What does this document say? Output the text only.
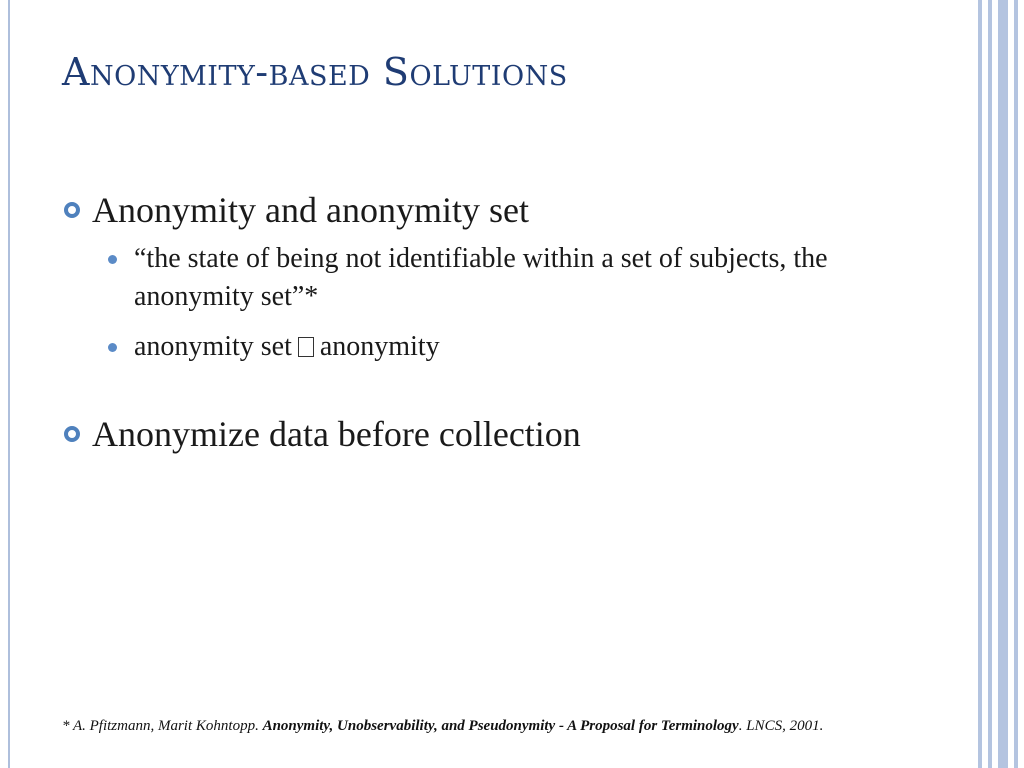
Anonymity-based Solutions
Anonymity and anonymity set
“the state of being not identifiable within a set of subjects, the anonymity set”*
anonymity set anonymity
Anonymize data before collection
* A. Pfitzmann, Marit Kohntopp. Anonymity, Unobservability, and Pseudonymity - A Proposal for Terminology. LNCS, 2001.
